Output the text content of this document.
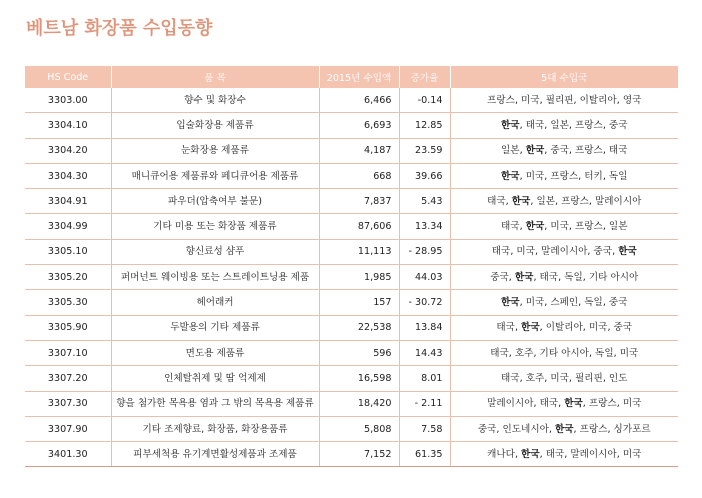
베트남 화장품 수입동향
HS Code	품 목	2015년 수입액	증가율	5대 수입국
3303.00	향수 및 화장수	6,466	-0.14	프랑스, 미국, 필리핀, 이탈리아, 영국
3304.10	입술화장용 제품류	6,693	12.85	한국, 태국, 일본, 프랑스, 중국
3304.20	눈화장용 제품류	4,187	23.59	일본, 한국, 중국, 프랑스, 태국
3304.30	매니큐어용 제품류와 페디큐어용 제품류	668	39.66	한국, 미국, 프랑스, 터키, 독일
3304.91	파우더(압축여부 불문)	7,837	5.43	태국, 한국, 일본, 프랑스, 말레이시아
3304.99	기타 미용 또는 화장품 제품류	87,606	13.34	태국, 한국, 미국, 프랑스, 일본
3305.10	향신료성 샴푸	11,113	- 28.95	태국, 미국, 말레이시아, 중국, 한국
3305.20	퍼머넌트 웨이빙용 또는 스트레이트닝용 제품	1,985	44.03	중국, 한국, 태국, 독일, 기타 아시아
3305.30	헤어래커	157	- 30.72	한국, 미국, 스페인, 독일, 중국
3305.90	두발용의 기타 제품류	22,538	13.84	태국, 한국, 이탈리아, 미국, 중국
3307.10	면도용 제품류	596	14.43	태국, 호주, 기타 아시아, 독일, 미국
3307.20	인체탈취제 및 땀 억제제	16,598	8.01	태국, 호주, 미국, 필리핀, 인도
3307.30	향을 첨가한 목욕용 염과 그 밖의 목욕용 제품류	18,420	- 2.11	말레이시아, 태국, 한국, 프랑스, 미국
3307.90	기타 조제향료, 화장품, 화장용품류	5,808	7.58	중국, 인도네시아, 한국, 프랑스, 싱가포르
3401.30	피부세척용 유기계면활성제품과 조제품	7,152	61.35	캐나다, 한국, 태국, 말레이시아, 미국
